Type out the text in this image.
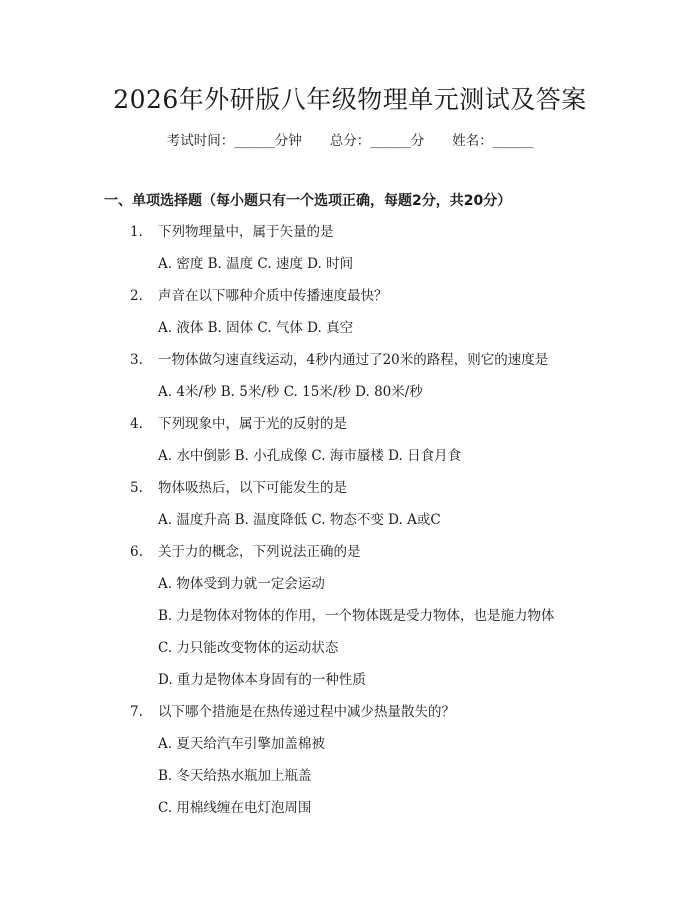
2026年外研版八年级物理单元测试及答案
考试时间：______分钟 总分：______分 姓名：______
一、单项选择题（每小题只有一个选项正确，每题2分，共20分）
1. 下列物理量中，属于矢量的是
A. 密度 B. 温度 C. 速度 D. 时间
2. 声音在以下哪种介质中传播速度最快？
A. 液体 B. 固体 C. 气体 D. 真空
3. 一物体做匀速直线运动，4秒内通过了20米的路程，则它的速度是
A. 4米/秒 B. 5米/秒 C. 15米/秒 D. 80米/秒
4. 下列现象中，属于光的反射的是
A. 水中倒影 B. 小孔成像 C. 海市蜃楼 D. 日食月食
5. 物体吸热后，以下可能发生的是
A. 温度升高 B. 温度降低 C. 物态不变 D. A或C
6. 关于力的概念，下列说法正确的是
A. 物体受到力就一定会运动
B. 力是物体对物体的作用，一个物体既是受力物体，也是施力物体
C. 力只能改变物体的运动状态
D. 重力是物体本身固有的一种性质
7. 以下哪个措施是在热传递过程中减少热量散失的？
A. 夏天给汽车引擎加盖棉被
B. 冬天给热水瓶加上瓶盖
C. 用棉线缠在电灯泡周围
